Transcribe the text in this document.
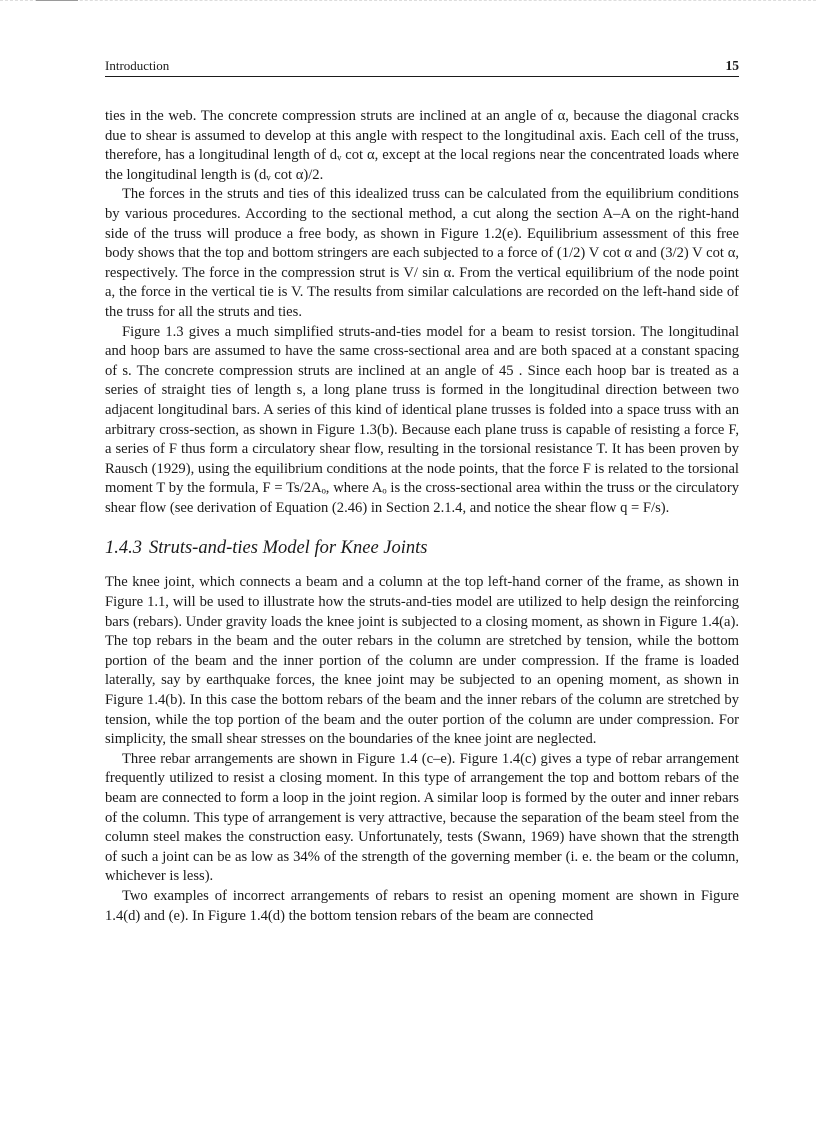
Introduction	15

ties in the web. The concrete compression struts are inclined at an angle of α, because the diagonal cracks due to shear is assumed to develop at this angle with respect to the longitudinal axis. Each cell of the truss, therefore, has a longitudinal length of dᵥ cot α, except at the local regions near the concentrated loads where the longitudinal length is (dᵥ cot α)/2.

The forces in the struts and ties of this idealized truss can be calculated from the equilibrium conditions by various procedures. According to the sectional method, a cut along the section A–A on the right-hand side of the truss will produce a free body, as shown in Figure 1.2(e). Equilibrium assessment of this free body shows that the top and bottom stringers are each subjected to a force of (1/2) V cot α and (3/2) V cot α, respectively. The force in the compression strut is V/ sin α. From the vertical equilibrium of the node point a, the force in the vertical tie is V. The results from similar calculations are recorded on the left-hand side of the truss for all the struts and ties.

Figure 1.3 gives a much simplified struts-and-ties model for a beam to resist torsion. The longitudinal and hoop bars are assumed to have the same cross-sectional area and are both spaced at a constant spacing of s. The concrete compression struts are inclined at an angle of 45 . Since each hoop bar is treated as a series of straight ties of length s, a long plane truss is formed in the longitudinal direction between two adjacent longitudinal bars. A series of this kind of identical plane trusses is folded into a space truss with an arbitrary cross-section, as shown in Figure 1.3(b). Because each plane truss is capable of resisting a force F, a series of F thus form a circulatory shear flow, resulting in the torsional resistance T. It has been proven by Rausch (1929), using the equilibrium conditions at the node points, that the force F is related to the torsional moment T by the formula, F = Ts/2Aₒ, where Aₒ is the cross-sectional area within the truss or the circulatory shear flow (see derivation of Equation (2.46) in Section 2.1.4, and notice the shear flow q = F/s).

1.4.3 Struts-and-ties Model for Knee Joints

The knee joint, which connects a beam and a column at the top left-hand corner of the frame, as shown in Figure 1.1, will be used to illustrate how the struts-and-ties model are utilized to help design the reinforcing bars (rebars). Under gravity loads the knee joint is subjected to a closing moment, as shown in Figure 1.4(a). The top rebars in the beam and the outer rebars in the column are stretched by tension, while the bottom portion of the beam and the inner portion of the column are under compression. If the frame is loaded laterally, say by earthquake forces, the knee joint may be subjected to an opening moment, as shown in Figure 1.4(b). In this case the bottom rebars of the beam and the inner rebars of the column are stretched by tension, while the top portion of the beam and the outer portion of the column are under compression. For simplicity, the small shear stresses on the boundaries of the knee joint are neglected.

Three rebar arrangements are shown in Figure 1.4 (c–e). Figure 1.4(c) gives a type of rebar arrangement frequently utilized to resist a closing moment. In this type of arrangement the top and bottom rebars of the beam are connected to form a loop in the joint region. A similar loop is formed by the outer and inner rebars of the column. This type of arrangement is very attractive, because the separation of the beam steel from the column steel makes the construction easy. Unfortunately, tests (Swann, 1969) have shown that the strength of such a joint can be as low as 34% of the strength of the governing member (i. e. the beam or the column, whichever is less).

Two examples of incorrect arrangements of rebars to resist an opening moment are shown in Figure 1.4(d) and (e). In Figure 1.4(d) the bottom tension rebars of the beam are connected
